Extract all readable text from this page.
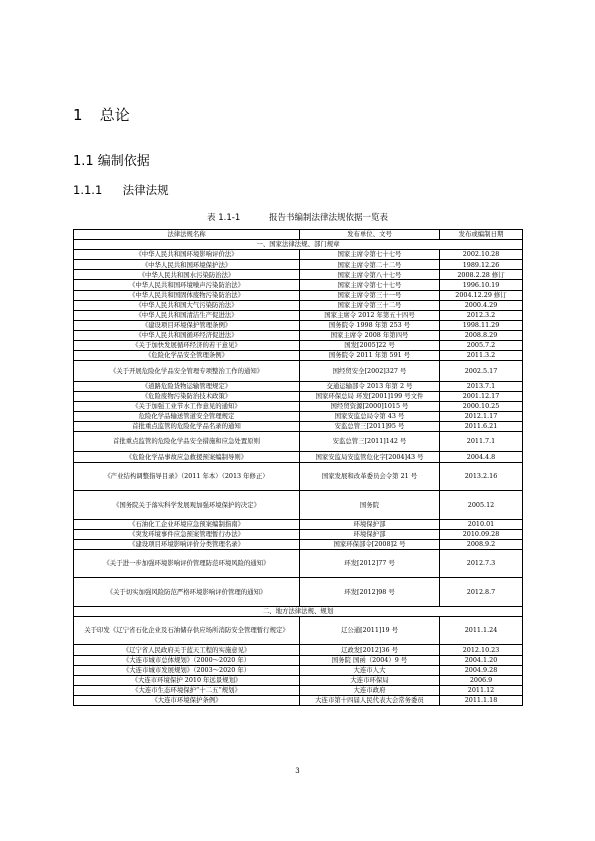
1 总论
1.1 编制依据
1.1.1 法律法规
表 1.1-1	报告书编制法律法规依据一览表
法律法规名称	发布单位、文号	发布或编制日期
一、国家法律法规、部门规章		
《中华人民共和国环境影响评价法》	国家主席令第七十七号	2002.10.28
《中华人民共和国环境保护法》	国家主席令第二十二号	1989.12.26
《中华人民共和国水污染防治法》	国家主席令第八十七号	2008.2.28 修订
《中华人民共和国环境噪声污染防治法》	国家主席令第七十七号	1996.10.19
《中华人民共和国固体废物污染防治法》	国家主席令第三十一号	2004.12.29 修订
《中华人民共和国大气污染防治法》	国家主席令第三十二号	2000.4.29
《中华人民共和国清洁生产促进法》	国家主席令 2012 年第五十四号	2012.3.2
《建设项目环境保护管理条例》	国务院令 1998 年第 253 号	1998.11.29
《中华人民共和国循环经济促进法》	国家主席令 2008 年第四号	2008.8.29
《关于加快发展循环经济的若干意见》	国发[2005]22 号	2005.7.2
《危险化学品安全管理条例》	国务院令 2011 年第 591 号	2011.3.2
《关于开展危险化学品安全管理专项整治工作的通知》	国经贸安全[2002]327 号	2002.5.17
《道路危险货物运输管理规定》	交通运输部令 2013 年第 2 号	2013.7.1
《危险废物污染防治技术政策》	国家环保总局 环发[2001]199 号文件	2001.12.17
《关于加强工业节水工作意见的通知》	国经贸资源[2000]1015 号	2000.10.25
危险化学品输送管道安全管理规定	国家安监总局令第 43 号	2012.1.17
首批重点监管的危险化学品名录的通知	安监总管三[2011]95 号	2011.6.21
首批重点监管的危险化学品安全措施和应急处置原则	安监总管三[2011]142 号	2011.7.1
《危险化学品事故应急救援预案编制导则》	国家安监局安监管危化字[2004]43 号	2004.4.8
《产业结构调整指导目录》（2011 年本）（2013 年修正）	国家发展和改革委员会令第 21 号	2013.2.16
《国务院关于落实科学发展观加强环境保护的决定》	国务院	2005.12
《石油化工企业环境应急预案编制指南》	环境保护部	2010.01
《突发环境事件应急预案管理暂行办法》	环境保护部	2010.09.28
《建设项目环境影响评价分类管理名录》	国家环保部令[2008]2 号	2008.9.2
《关于进一步加强环境影响评价管理防范环境风险的通知》	环发[2012]77 号	2012.7.3
《关于切实加强风险防范严格环境影响评价管理的通知》	环发[2012]98 号	2012.8.7
二、地方法律法规、规划		
关于印发《辽宁省石化企业及石油储存供应场所消防安全管理暂行规定》	辽公通[2011]19 号	2011.1.24
《辽宁省人民政府关于蓝天工程的实施意见》	辽政发[2012]36 号	2012.10.23
《大连市城市总体规划》（2000～2020 年）	国务院 国函（2004）9 号	2004.1.20
《大连市城市发展规划》（2003～2020 年）	大连市人大	2004.9.28
《大连市环境保护 2010 年远景规划》	大连市环保局	2006.9
《大连市生态环境保护“十二五”规划》	大连市政府	2011.12
《大连市环境保护条例》	大连市第十四届人民代表大会常务委员	2011.1.18
3
